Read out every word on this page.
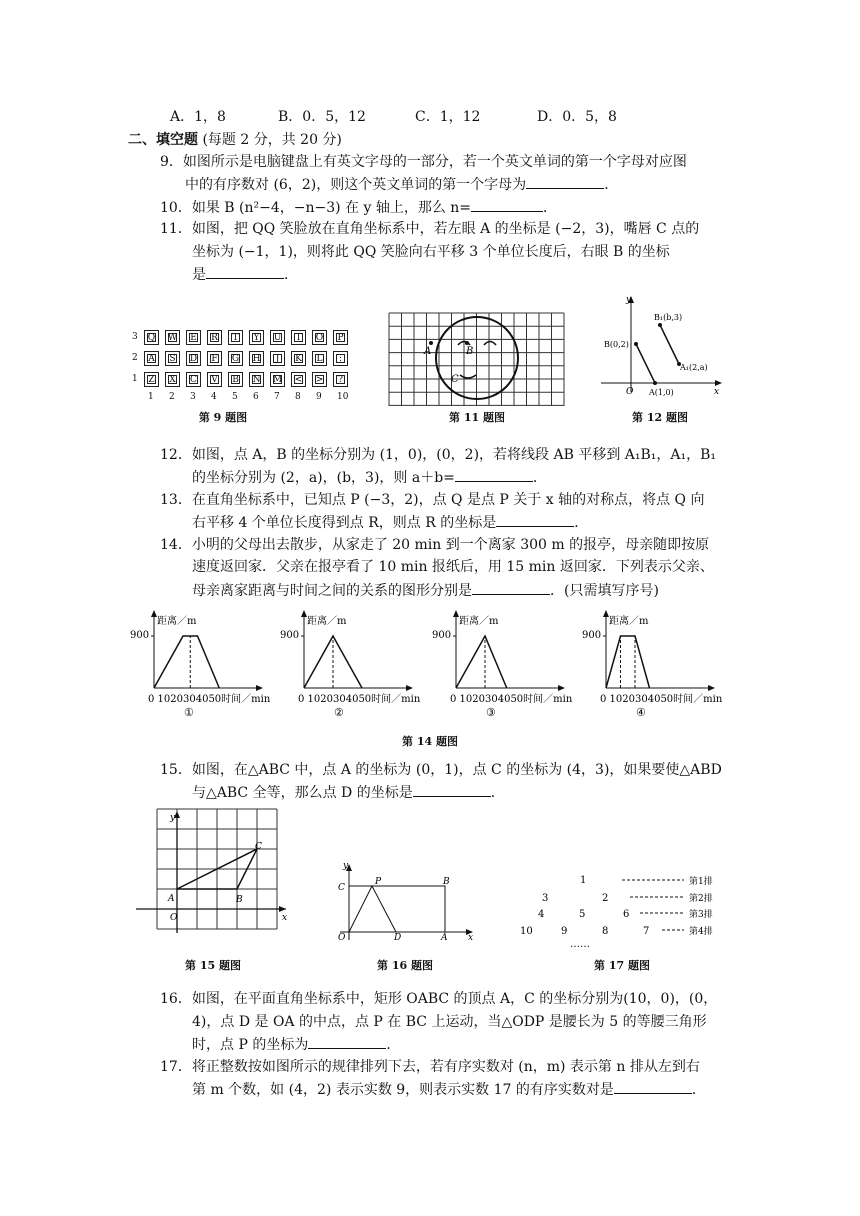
A．1，8	B．0．5，12	C．1，12	D．0．5，8
二、填空题 (每题 2 分，共 20 分)
9．如图所示是电脑键盘上有英文字母的一部分，若一个英文单词的第一个字母对应图
中的有序数对 (6，2)，则这个英文单词的第一个字母为	．
10．如果 B (n²−4，−n−3) 在 y 轴上，那么 n=	．
11．如图，把 QQ 笑脸放在直角坐标系中，若左眼 A 的坐标是 (−2，3)，嘴唇 C 点的
坐标为 (−1，1)，则将此 QQ 笑脸向右平移 3 个单位长度后，右眼 B 的坐标
是	．
3
2
1
Q	W	E	R	T	Y	U	I	O	P
A	S	D	F	G	H	J	K	L	:
Z	X	C	V	B	N	M	<	>	?
1 2 3 4 5 6 7 8 9 10
第 9 题图
A	B
C
第 11 题图
y
x
O
B(0,2)
A(1,0)
B₁(b,3)
A₁(2,a)
第 12 题图
12．如图，点 A，B 的坐标分别为 (1，0)，(0，2)，若将线段 AB 平移到 A₁B₁，A₁，B₁
的坐标分别为 (2，a)，(b，3)，则 a＋b=	．
13．在直角坐标系中，已知点 P (−3，2)，点 Q 是点 P 关于 x 轴的对称点，将点 Q 向
右平移 4 个单位长度得到点 R，则点 R 的坐标是	．
14．小明的父母出去散步，从家走了 20 min 到一个离家 300 m 的报亭，母亲随即按原
速度返回家．父亲在报亭看了 10 min 报纸后，用 15 min 返回家．下列表示父亲、
母亲离家距离与时间之间的关系的图形分别是	．(只需填写序号)
距离／m
900
0 1020304050时间／min
①
距离／m
900
0 1020304050时间／min
②
距离／m
900
0 1020304050时间／min
③
距离／m
900
0 1020304050时间／min
④
第 14 题图
15．如图，在△ABC 中，点 A 的坐标为 (0，1)，点 C 的坐标为 (4，3)，如果要使△ABD
与△ABC 全等，那么点 D 的坐标是	．
y
x
O
A	B
C
第 15 题图
y
x
O
C
P	B
D	A
第 16 题图
1
3	2
4	5	6
10	9	8	7
……
第1排
第2排
第3排
第4排
第 17 题图
16．如图，在平面直角坐标系中，矩形 OABC 的顶点 A，C 的坐标分别为(10，0)，(0，
4)，点 D 是 OA 的中点，点 P 在 BC 上运动，当△ODP 是腰长为 5 的等腰三角形
时，点 P 的坐标为	．
17．将正整数按如图所示的规律排列下去，若有序实数对 (n，m) 表示第 n 排从左到右
第 m 个数，如 (4，2) 表示实数 9，则表示实数 17 的有序实数对是	．
